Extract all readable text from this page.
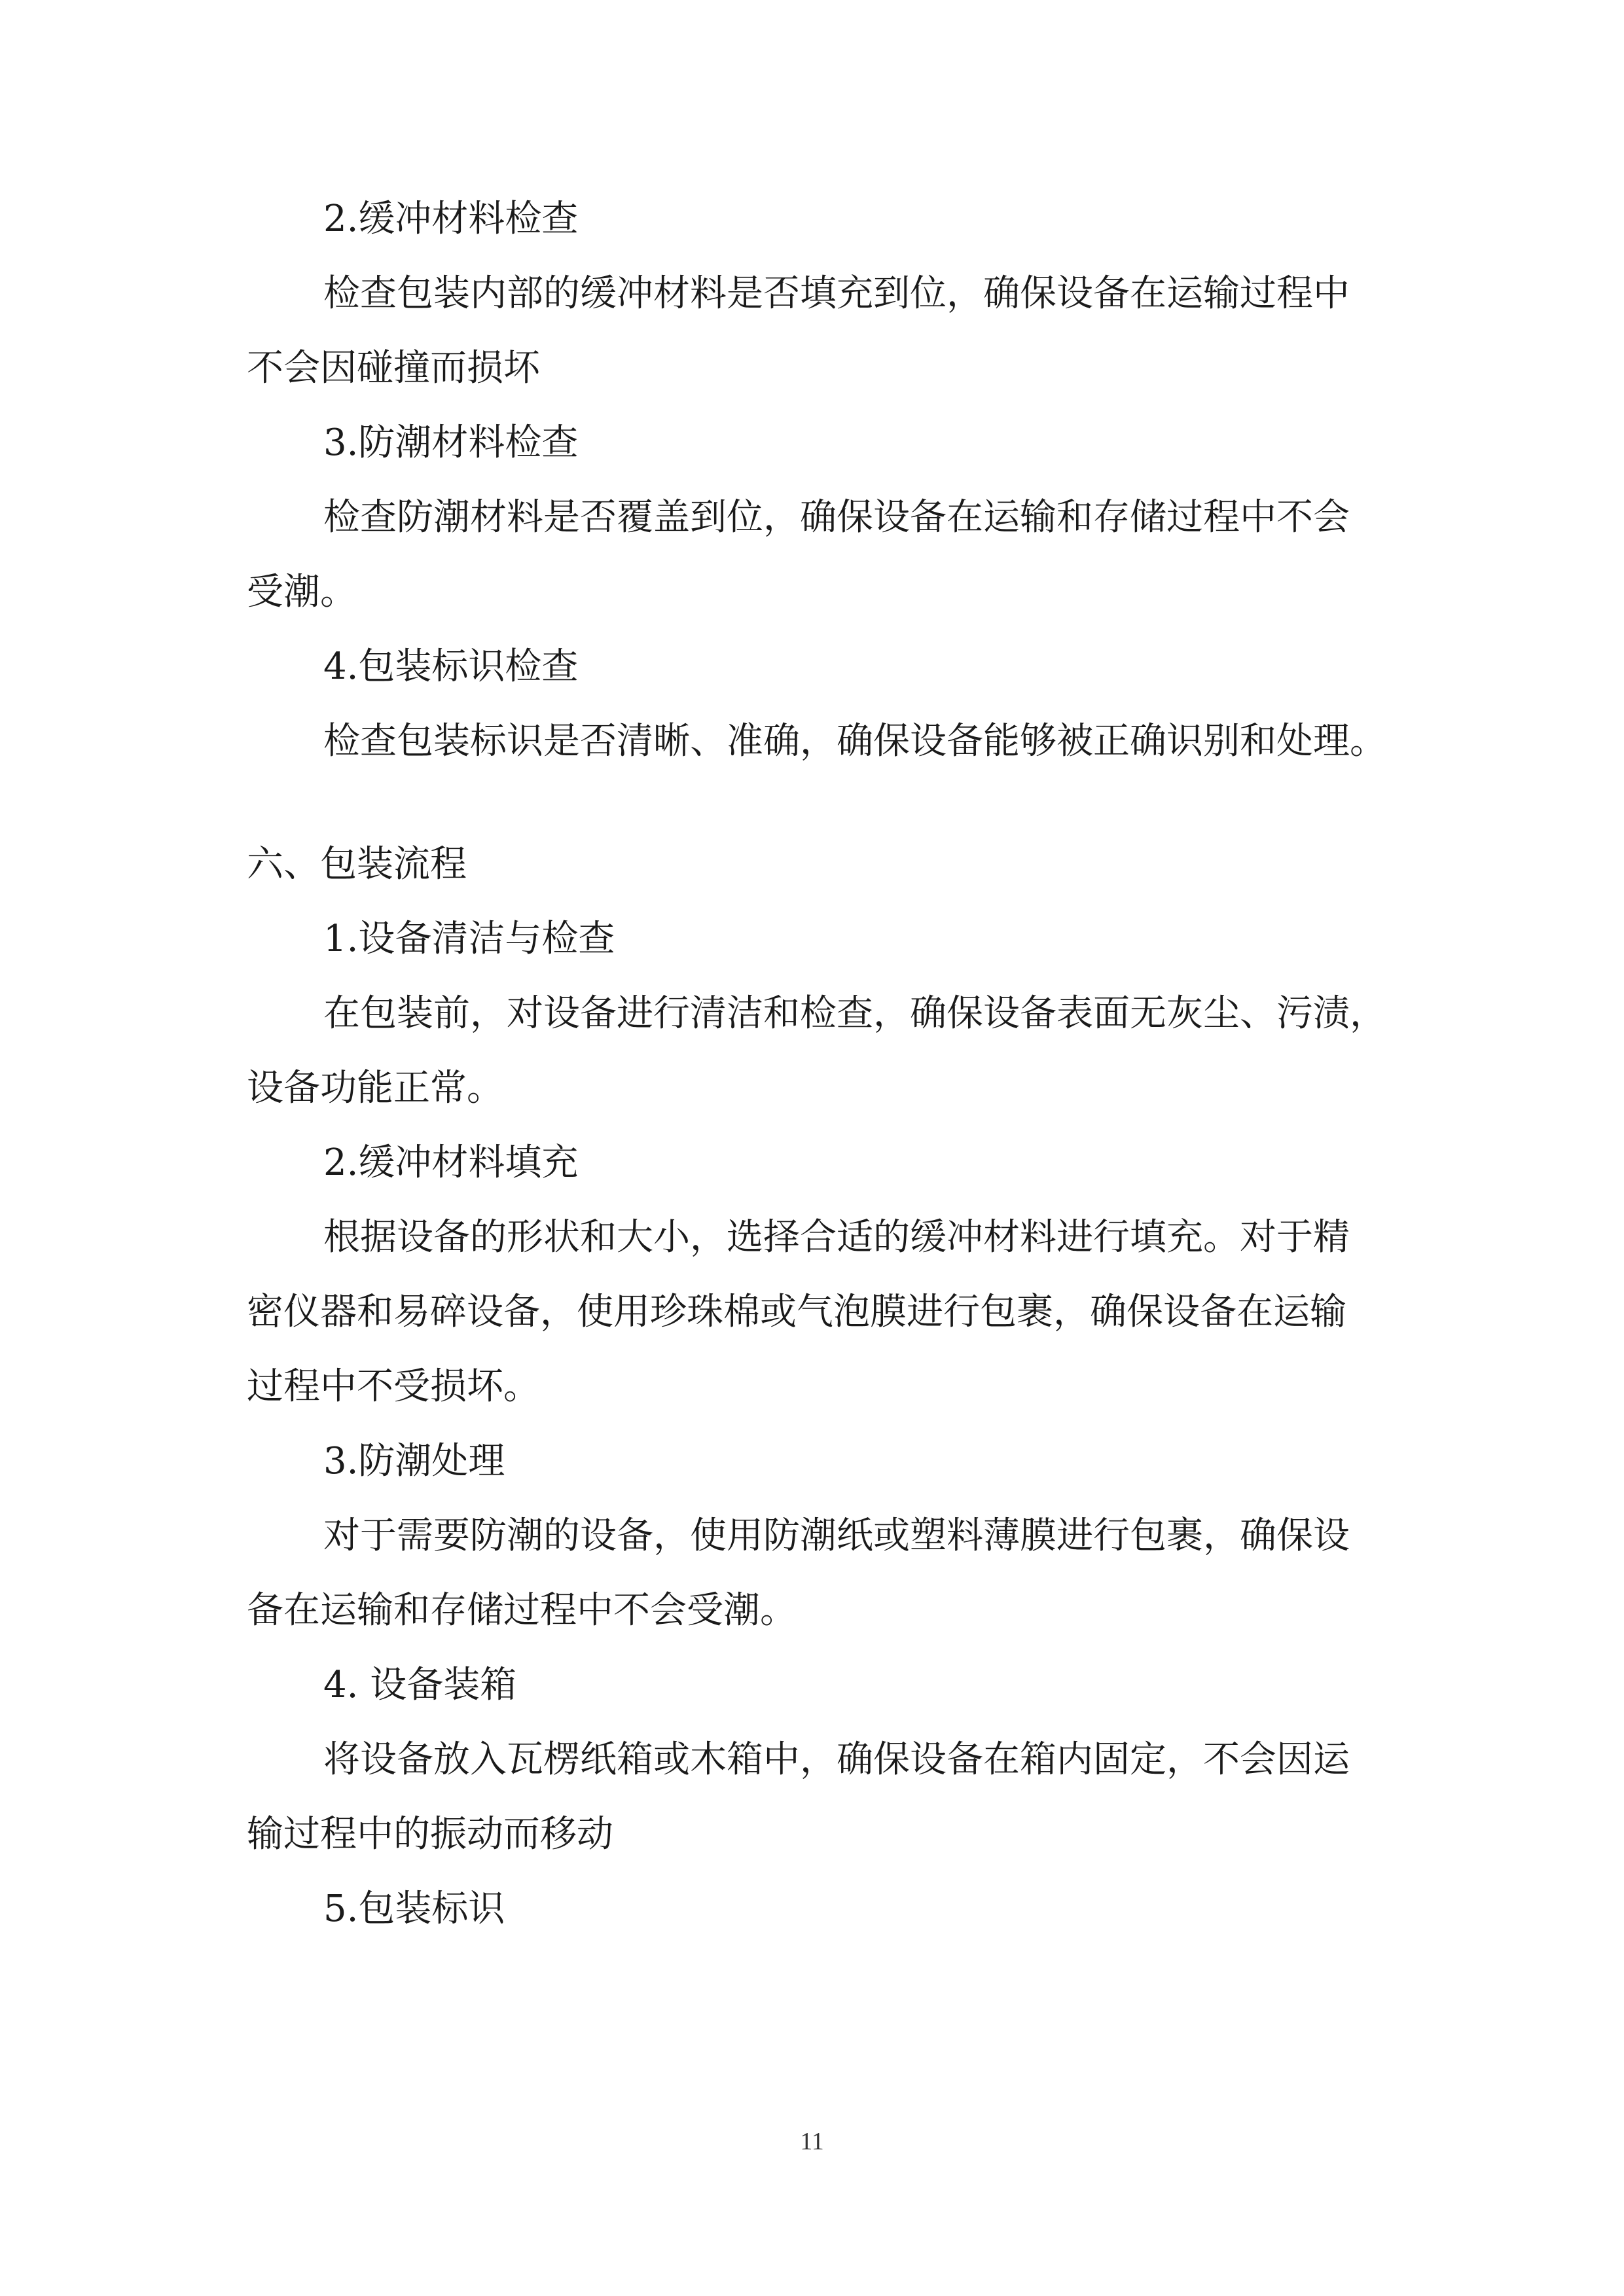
2.缓冲材料检查

检查包装内部的缓冲材料是否填充到位，确保设备在运输过程中

不会因碰撞而损坏

3.防潮材料检查

检查防潮材料是否覆盖到位，确保设备在运输和存储过程中不会

受潮。

4.包装标识检查

检查包装标识是否清晰、准确，确保设备能够被正确识别和处理。

六、包装流程

1.设备清洁与检查

在包装前，对设备进行清洁和检查，确保设备表面无灰尘、污渍，

设备功能正常。

2.缓冲材料填充

根据设备的形状和大小，选择合适的缓冲材料进行填充。对于精

密仪器和易碎设备，使用珍珠棉或气泡膜进行包裹，确保设备在运输

过程中不受损坏。

3.防潮处理

对于需要防潮的设备，使用防潮纸或塑料薄膜进行包裹，确保设

备在运输和存储过程中不会受潮。

4. 设备装箱

将设备放入瓦楞纸箱或木箱中，确保设备在箱内固定，不会因运

输过程中的振动而移动

5.包装标识

11
